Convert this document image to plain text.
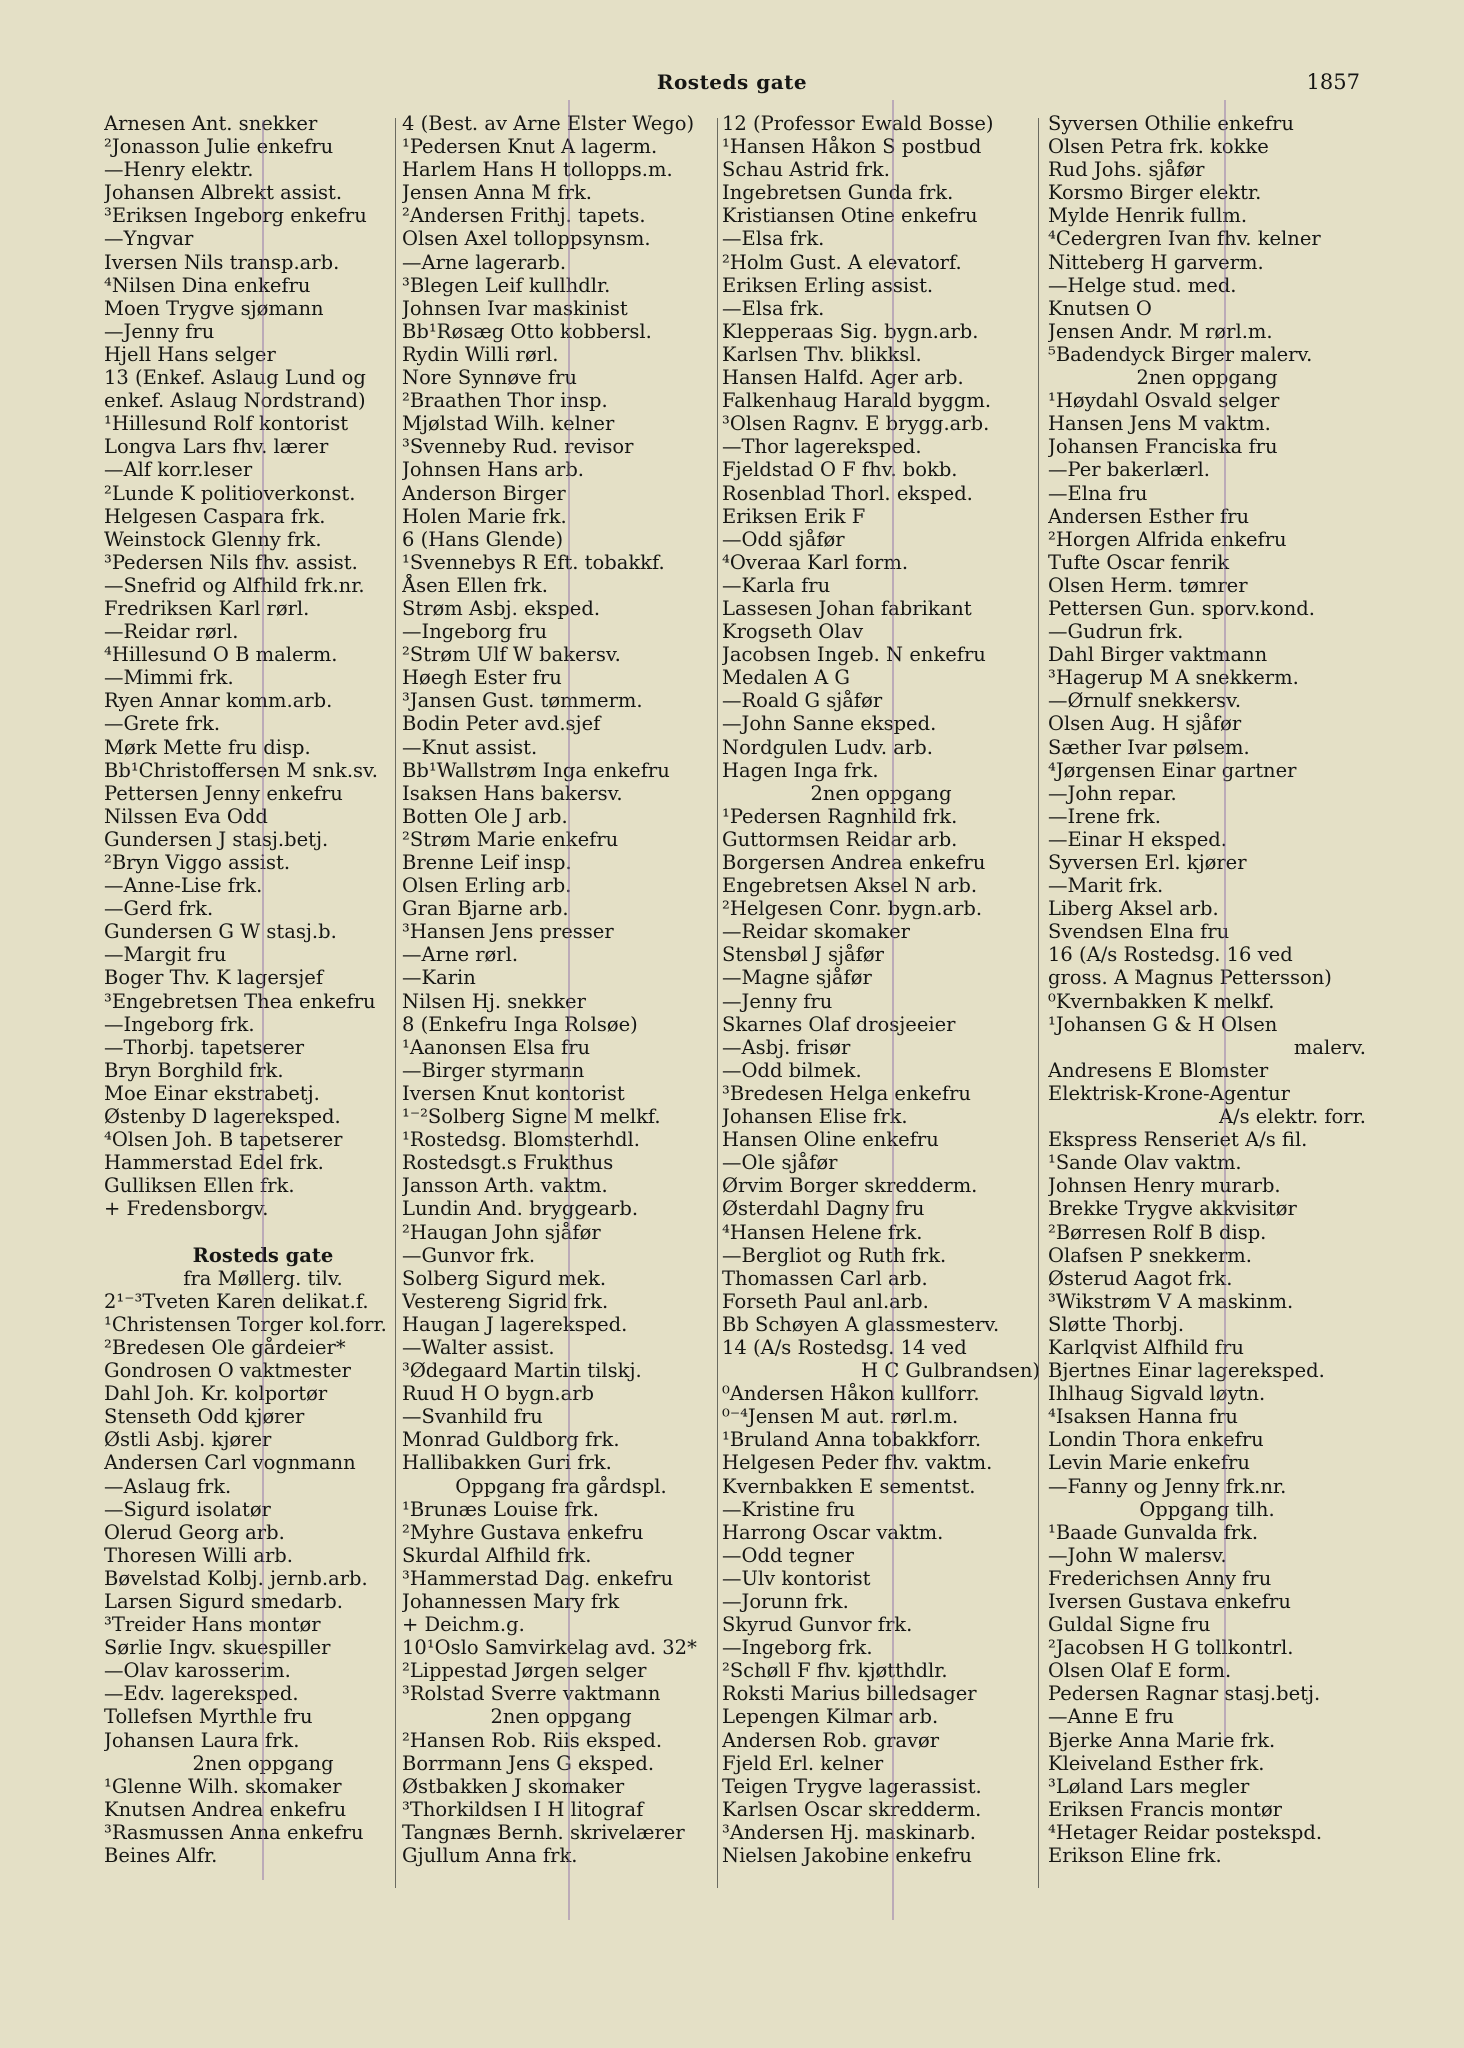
Rosteds gate	1857
Arnesen Ant. snekker
²Jonasson Julie enkefru
—Henry elektr.
Johansen Albrekt assist.
³Eriksen Ingeborg enkefru
—Yngvar
Iversen Nils transp.arb.
⁴Nilsen Dina enkefru
Moen Trygve sjømann
—Jenny fru
Hjell Hans selger
13 (Enkef. Aslaug Lund og
enkef. Aslaug Nordstrand)
¹Hillesund Rolf kontorist
Longva Lars fhv. lærer
—Alf korr.leser
²Lunde K politioverkonst.
Helgesen Caspara frk.
Weinstock Glenny frk.
³Pedersen Nils fhv. assist.
—Snefrid og Alfhild frk.nr.
Fredriksen Karl rørl.
—Reidar rørl.
⁴Hillesund O B malerm.
—Mimmi frk.
Ryen Annar komm.arb.
—Grete frk.
Mørk Mette fru disp.
Bb¹Christoffersen M snk.sv.
Pettersen Jenny enkefru
Nilssen Eva Odd
Gundersen J stasj.betj.
²Bryn Viggo assist.
—Anne-Lise frk.
—Gerd frk.
Gundersen G W stasj.b.
—Margit fru
Boger Thv. K lagersjef
³Engebretsen Thea enkefru
—Ingeborg frk.
—Thorbj. tapetserer
Bryn Borghild frk.
Moe Einar ekstrabetj.
Østenby D lagereksped.
⁴Olsen Joh. B tapetserer
Hammerstad Edel frk.
Gulliksen Ellen frk.
+ Fredensborgv.
Rosteds gate
fra Møllerg. tilv.
2¹⁻³Tveten Karen delikat.f.
¹Christensen Torger kol.forr.
²Bredesen Ole gårdeier*
Gondrosen O vaktmester
Dahl Joh. Kr. kolportør
Stenseth Odd kjører
Østli Asbj. kjører
Andersen Carl vognmann
—Aslaug frk.
—Sigurd isolatør
Olerud Georg arb.
Thoresen Willi arb.
Bøvelstad Kolbj. jernb.arb.
Larsen Sigurd smedarb.
³Treider Hans montør
Sørlie Ingv. skuespiller
—Olav karosserim.
—Edv. lagereksped.
Tollefsen Myrthle fru
Johansen Laura frk.
2nen oppgang
¹Glenne Wilh. skomaker
Knutsen Andrea enkefru
³Rasmussen Anna enkefru
Beines Alfr.
4 (Best. av Arne Elster Wego)
¹Pedersen Knut A lagerm.
Harlem Hans H tollopps.m.
Jensen Anna M frk.
²Andersen Frithj. tapets.
Olsen Axel tolloppsynsm.
—Arne lagerarb.
³Blegen Leif kullhdlr.
Johnsen Ivar maskinist
Bb¹Røsæg Otto kobbersl.
Rydin Willi rørl.
Nore Synnøve fru
²Braathen Thor insp.
Mjølstad Wilh. kelner
³Svenneby Rud. revisor
Johnsen Hans arb.
Anderson Birger
Holen Marie frk.
6 (Hans Glende)
¹Svennebys R Eft. tobakkf.
Åsen Ellen frk.
Strøm Asbj. eksped.
—Ingeborg fru
²Strøm Ulf W bakersv.
Høegh Ester fru
³Jansen Gust. tømmerm.
Bodin Peter avd.sjef
—Knut assist.
Bb¹Wallstrøm Inga enkefru
Isaksen Hans bakersv.
Botten Ole J arb.
²Strøm Marie enkefru
Brenne Leif insp.
Olsen Erling arb.
Gran Bjarne arb.
³Hansen Jens presser
—Arne rørl.
—Karin
Nilsen Hj. snekker
8 (Enkefru Inga Rolsøe)
¹Aanonsen Elsa fru
—Birger styrmann
Iversen Knut kontorist
¹⁻²Solberg Signe M melkf.
¹Rostedsg. Blomsterhdl.
Rostedsgt.s Frukthus
Jansson Arth. vaktm.
Lundin And. bryggearb.
²Haugan John sjåfør
—Gunvor frk.
Solberg Sigurd mek.
Vestereng Sigrid frk.
Haugan J lagereksped.
—Walter assist.
³Ødegaard Martin tilskj.
Ruud H O bygn.arb
—Svanhild fru
Monrad Guldborg frk.
Hallibakken Guri frk.
Oppgang fra gårdspl.
¹Brunæs Louise frk.
²Myhre Gustava enkefru
Skurdal Alfhild frk.
³Hammerstad Dag. enkefru
Johannessen Mary frk
+ Deichm.g.
10¹Oslo Samvirkelag avd. 32*
²Lippestad Jørgen selger
³Rolstad Sverre vaktmann
2nen oppgang
²Hansen Rob. Riis eksped.
Borrmann Jens G eksped.
Østbakken J skomaker
³Thorkildsen I H litograf
Tangnæs Bernh. skrivelærer
Gjullum Anna frk.
12 (Professor Ewald Bosse)
¹Hansen Håkon S postbud
Schau Astrid frk.
Ingebretsen Gunda frk.
Kristiansen Otine enkefru
—Elsa frk.
²Holm Gust. A elevatorf.
Eriksen Erling assist.
—Elsa frk.
Klepperaas Sig. bygn.arb.
Karlsen Thv. blikksl.
Hansen Halfd. Ager arb.
Falkenhaug Harald byggm.
³Olsen Ragnv. E brygg.arb.
—Thor lagereksped.
Fjeldstad O F fhv. bokb.
Rosenblad Thorl. eksped.
Eriksen Erik F
—Odd sjåfør
⁴Overaa Karl form.
—Karla fru
Lassesen Johan fabrikant
Krogseth Olav
Jacobsen Ingeb. N enkefru
Medalen A G
—Roald G sjåfør
—John Sanne eksped.
Nordgulen Ludv. arb.
Hagen Inga frk.
2nen oppgang
¹Pedersen Ragnhild frk.
Guttormsen Reidar arb.
Borgersen Andrea enkefru
Engebretsen Aksel N arb.
²Helgesen Conr. bygn.arb.
—Reidar skomaker
Stensbøl J sjåfør
—Magne sjåfør
—Jenny fru
Skarnes Olaf drosjeeier
—Asbj. frisør
—Odd bilmek.
³Bredesen Helga enkefru
Johansen Elise frk.
Hansen Oline enkefru
—Ole sjåfør
Ørvim Borger skredderm.
Østerdahl Dagny fru
⁴Hansen Helene frk.
—Bergliot og Ruth frk.
Thomassen Carl arb.
Forseth Paul anl.arb.
Bb Schøyen A glassmesterv.
14 (A/s Rostedsg. 14 ved
H C Gulbrandsen)
⁰Andersen Håkon kullforr.
⁰⁻⁴Jensen M aut. rørl.m.
¹Bruland Anna tobakkforr.
Helgesen Peder fhv. vaktm.
Kvernbakken E sementst.
—Kristine fru
Harrong Oscar vaktm.
—Odd tegner
—Ulv kontorist
—Jorunn frk.
Skyrud Gunvor frk.
—Ingeborg frk.
²Schøll F fhv. kjøtthdlr.
Roksti Marius billedsager
Lepengen Kilmar arb.
Andersen Rob. gravør
Fjeld Erl. kelner
Teigen Trygve lagerassist.
Karlsen Oscar skredderm.
³Andersen Hj. maskinarb.
Nielsen Jakobine enkefru
Syversen Othilie enkefru
Olsen Petra frk. kokke
Rud Johs. sjåfør
Korsmo Birger elektr.
Mylde Henrik fullm.
⁴Cedergren Ivan fhv. kelner
Nitteberg H garverm.
—Helge stud. med.
Knutsen O
Jensen Andr. M rørl.m.
⁵Badendyck Birger malerv.
2nen oppgang
¹Høydahl Osvald selger
Hansen Jens M vaktm.
Johansen Franciska fru
—Per bakerlærl.
—Elna fru
Andersen Esther fru
²Horgen Alfrida enkefru
Tufte Oscar fenrik
Olsen Herm. tømrer
Pettersen Gun. sporv.kond.
—Gudrun frk.
Dahl Birger vaktmann
³Hagerup M A snekkerm.
—Ørnulf snekkersv.
Olsen Aug. H sjåfør
Sæther Ivar pølsem.
⁴Jørgensen Einar gartner
—John repar.
—Irene frk.
—Einar H eksped.
Syversen Erl. kjører
—Marit frk.
Liberg Aksel arb.
Svendsen Elna fru
16 (A/s Rostedsg. 16 ved
gross. A Magnus Pettersson)
⁰Kvernbakken K melkf.
¹Johansen G & H Olsen
malerv.
Andresens E Blomster
Elektrisk-Krone-Agentur
A/s elektr. forr.
Ekspress Renseriet A/s fil.
¹Sande Olav vaktm.
Johnsen Henry murarb.
Brekke Trygve akkvisitør
²Børresen Rolf B disp.
Olafsen P snekkerm.
Østerud Aagot frk.
³Wikstrøm V A maskinm.
Sløtte Thorbj.
Karlqvist Alfhild fru
Bjertnes Einar lagereksped.
Ihlhaug Sigvald løytn.
⁴Isaksen Hanna fru
Londin Thora enkefru
Levin Marie enkefru
—Fanny og Jenny frk.nr.
Oppgang tilh.
¹Baade Gunvalda frk.
—John W malersv.
Frederichsen Anny fru
Iversen Gustava enkefru
Guldal Signe fru
²Jacobsen H G tollkontrl.
Olsen Olaf E form.
Pedersen Ragnar stasj.betj.
—Anne E fru
Bjerke Anna Marie frk.
Kleiveland Esther frk.
³Løland Lars megler
Eriksen Francis montør
⁴Hetager Reidar postekspd.
Erikson Eline frk.
